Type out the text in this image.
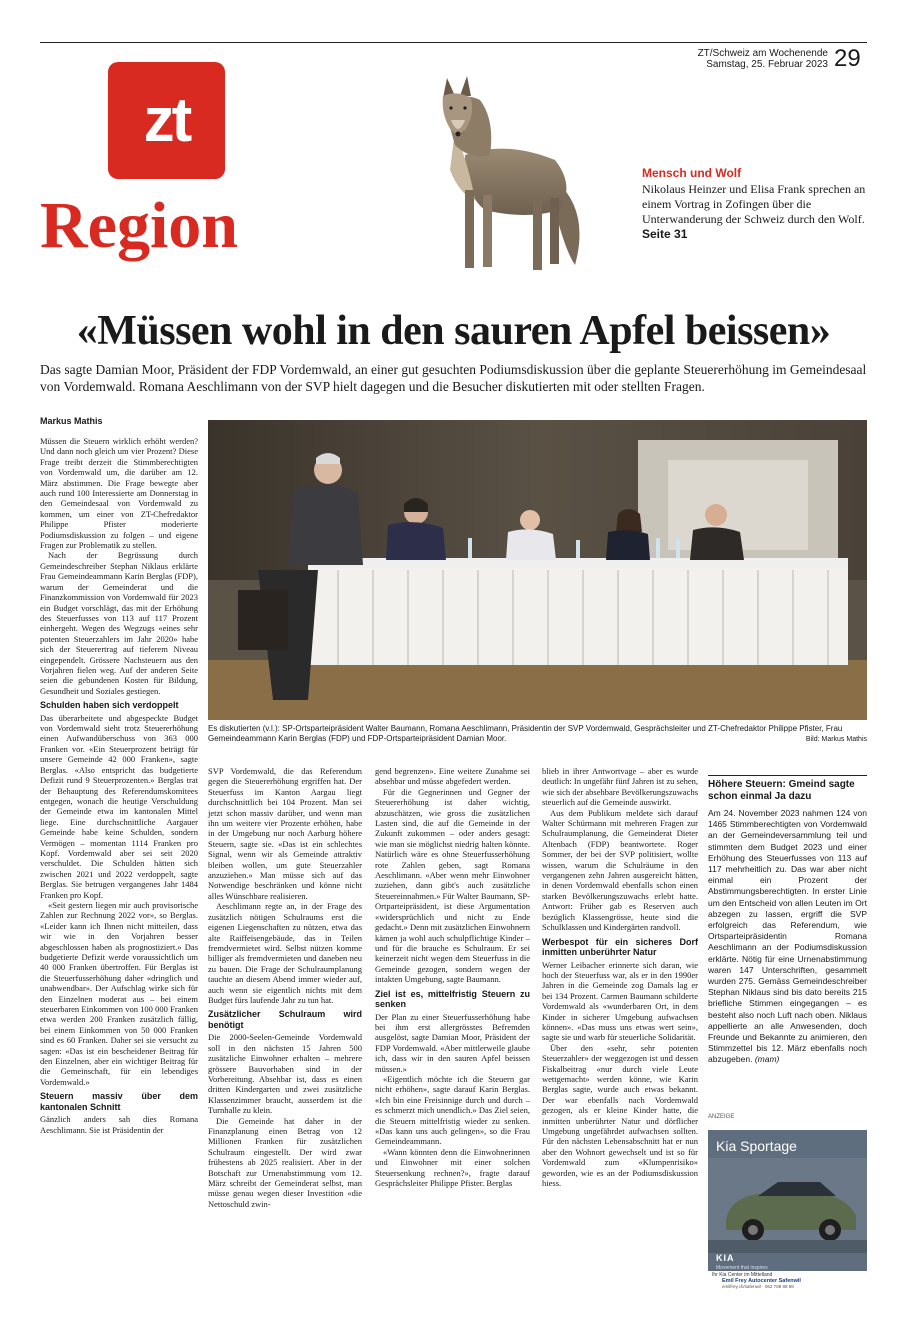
ZT/Schweiz am Wochenende
Samstag, 25. Februar 2023 29
zt
Region
Mensch und Wolf
Nikolaus Heinzer und Elisa Frank sprechen an einem Vortrag in Zofingen über die Unterwanderung der Schweiz durch den Wolf. Seite 31
«Müssen wohl in den sauren Apfel beissen»
Das sagte Damian Moor, Präsident der FDP Vordemwald, an einer gut gesuchten Podiumsdiskussion über die geplante Steuererhöhung im Gemeindesaal von Vordemwald. Romana Aeschlimann von der SVP hielt dagegen und die Besucher diskutierten mit oder stellten Fragen.
Markus Mathis

Müssen die Steuern wirklich erhöht werden? Und dann noch gleich um vier Prozent? Diese Frage treibt derzeit die Stimmberechtigten von Vordemwald um, die darüber am 12. März abstimmen. Die Frage bewegte aber auch rund 100 Interessierte am Donnerstag in den Gemeindesaal von Vordemwald zu kommen, um einer von ZT-Chefredaktor Philippe Pfister moderierte Podiumsdiskussion zu folgen – und eigene Fragen zur Problematik zu stellen.

Nach der Begrüssung durch Gemeindeschreiber Stephan Niklaus erklärte Frau Gemeindeammann Karin Berglas (FDP), warum der Gemeinderat und die Finanzkommission von Vordemwald für 2023 ein Budget vorschlägt, das mit der Erhöhung des Steuerfusses von 113 auf 117 Prozent einhergeht. Wegen des Wegzugs «eines sehr potenten Steuerzahlers im Jahr 2020» habe sich der Steuerertrag auf tieferem Niveau eingependelt. Grössere Nachsteuern aus den Vorjahren fielen weg. Auf der anderen Seite seien die gebundenen Kosten für Bildung, Gesundheit und Soziales gestiegen.

Schulden haben sich verdoppelt

Das überarbeitete und abgespeckte Budget von Vordemwald sieht trotz Steuererhöhung einen Aufwandüberschuss von 363 000 Franken vor. «Ein Steuerprozent beträgt für unsere Gemeinde 42 000 Franken», sagte Berglas. «Also entspricht das budgetierte Defizit rund 9 Steuerprozenten.» Berglas trat der Behauptung des Referendumskomitees entgegen, wonach die heutige Verschuldung der Gemeinde etwa im kantonalen Mittel liege. Eine durchschnittliche Aargauer Gemeinde habe keine Schulden, sondern Vermögen – momentan 1114 Franken pro Kopf. Vordemwald aber sei seit 2020 verschuldet. Die Schulden hätten sich zwischen 2021 und 2022 verdoppelt, sagte Berglas. Sie betrugen vergangenes Jahr 1484 Franken pro Kopf.

«Seit gestern liegen mir auch provisorische Zahlen zur Rechnung 2022 vor», so Berglas. «Leider kann ich Ihnen nicht mitteilen, dass wir wie in den Vorjahren besser abgeschlossen haben als prognostiziert.» Das budgetierte Defizit werde voraussichtlich um 40 000 Franken übertroffen. Für Berglas ist die Steuerfusserhöhung daher «dringlich und unabwendbar». Der Aufschlag wirke sich für den Einzelnen moderat aus – bei einem steuerbaren Einkommen von 100 000 Franken etwa werden 200 Franken zusätzlich fällig, bei einem Einkommen von 50 000 Franken sind es 60 Franken. Daher sei sie versucht zu sagen: «Das ist ein bescheidener Beitrag für den Einzelnen, aber ein wichtiger Beitrag für die Gemeinschaft, für ein lebendiges Vordemwald.»

Steuern massiv über dem kantonalen Schnitt

Gänzlich anders sah dies Romana Aeschlimann. Sie ist Präsidentin der

Es diskutierten (v.l.): SP-Ortsparteipräsident Walter Baumann, Romana Aeschlimann, Präsidentin der SVP Vordemwald, Gesprächsleiter und ZT-Chefredaktor Philippe Pfister, Frau Gemeindeammann Karin Berglas (FDP) und FDP-Ortsparteipräsident Damian Moor.	Bild: Markus Mathis

SVP Vordemwald, die das Referendum gegen die Steuererhöhung ergriffen hat. Der Steuerfuss im Kanton Aargau liegt durchschnittlich bei 104 Prozent. Man sei jetzt schon massiv darüber, und wenn man ihn um weitere vier Prozente erhöhen, habe in der Umgebung nur noch Aarburg höhere Steuern, sagte sie. «Das ist ein schlechtes Signal, wenn wir als Gemeinde attraktiv bleiben wollen, um gute Steuerzahler anzuziehen.» Man müsse sich auf das Notwendige beschränken und könne nicht alles Wünschbare realisieren.

Aeschlimann regte an, in der Frage des zusätzlich nötigen Schulraums erst die eigenen Liegenschaften zu nützen, etwa das alte Raiffeisengebäude, das in Teilen fremdvermietet wird. Selbst nützen komme billiger als fremdvermieten und daneben neu zu bauen. Die Frage der Schulraumplanung tauchte an diesem Abend immer wieder auf, auch wenn sie eigentlich nichts mit dem Budget fürs laufende Jahr zu tun hat.

Zusätzlicher Schulraum wird benötigt

Die 2000-Seelen-Gemeinde Vordemwald soll in den nächsten 15 Jahren 500 zusätzliche Einwohner erhalten – mehrere grössere Bauvorhaben sind in der Vorbereitung. Absehbar ist, dass es einen dritten Kindergarten und zwei zusätzliche Klassenzimmer braucht, ausserdem ist die Turnhalle zu klein.

Die Gemeinde hat daher in der Finanzplanung einen Betrag von 12 Millionen Franken für zusätzlichen Schulraum eingestellt. Der wird zwar frühestens ab 2025 realisiert. Aber in der Botschaft zur Urnenabstimmung vom 12. März schreibt der Gemeinderat selbst, man müsse genau wegen dieser Investition «die Nettoschuld zwin-

gend begrenzen». Eine weitere Zunahme sei absehbar und müsse abgefedert werden.

Für die Gegnerinnen und Gegner der Steuererhöhung ist daher wichtig, abzuschätzen, wie gross die zusätzlichen Lasten sind, die auf die Gemeinde in der Zukunft zukommen – oder anders gesagt: wie man sie möglichst niedrig halten könnte. Natürlich wäre es ohne Steuerfusserhöhung rote Zahlen geben, sagt Romana Aeschlimann. «Aber wenn mehr Einwohner zuziehen, dann gibt's auch zusätzliche Steuereinnahmen.» Für Walter Baumann, SP-Ortparteipräsident, ist diese Argumentation «widersprüchlich und nicht zu Ende gedacht.» Denn mit zusätzlichen Einwohnern kämen ja wohl auch schulpflichtige Kinder – und für die brauche es Schulraum. Er sei keinerzeit nicht wegen dem Steuerfuss in die Gemeinde gezogen, sondern wegen der intakten Umgebung, sagte Baumann.

Ziel ist es, mittelfristig Steuern zu senken

Der Plan zu einer Steuerfusserhöhung habe bei ihm erst allergrösstes Befremden ausgelöst, sagte Damian Moor, Präsident der FDP Vordemwald. «Aber mittlerweile glaube ich, dass wir in den sauren Apfel beissen müssen.»

«Eigentlich möchte ich die Steuern gar nicht erhöhen», sagte darauf Karin Berglas. «Ich bin eine Freisinnige durch und durch – es schmerzt mich unendlich.» Das Ziel seien, die Steuern mittelfristig wieder zu senken. «Das kann uns auch gelingen», so die Frau Gemeindeammann.

«Wann könnten denn die Einwohnerinnen und Einwohner mit einer solchen Steuersenkung rechnen?», fragte darauf Gesprächsleiter Philippe Pfister. Berglas

blieb in ihrer Antwortvage – aber es wurde deutlich: In ungefähr fünf Jahren ist zu sehen, wie sich der absehbare Bevölkerungszuwachs steuerlich auf die Gemeinde auswirkt.

Aus dem Publikum meldete sich darauf Walter Schürmann mit mehreren Fragen zur Schulraumplanung, die Gemeinderat Dieter Altenbach (FDP) beantwortete. Roger Sommer, der bei der SVP politisiert, wollte wissen, warum die Schulräume in den vergangenen zehn Jahren ausgereicht hätten, in denen Vordemwald ebenfalls schon einen starken Bevölkerungszuwachs erlebt hatte. Antwort: Früher gab es Reserven auch bezüglich Klassengrösse, heute sind die Schulklassen und Kindergärten randvoll.

Werbespot für ein sicheres Dorf inmitten unberührter Natur

Werner Leibacher erinnerte sich daran, wie hoch der Steuerfuss war, als er in den 1990er Jahren in die Gemeinde zog Damals lag er bei 134 Prozent. Carmen Baumann schilderte Vordemwald als «wunderbaren Ort, in dem Kinder in sicherer Umgebung aufwachsen können». «Das muss uns etwas wert sein», sagte sie und warb für steuerliche Solidarität.

Über den «sehr, sehr potenten Steuerzahler» der weggezogen ist und dessen Fiskalbeitrag «nur durch viele Leute wettgemacht» werden könne, wie Karin Berglas sagte, wurde auch etwas bekannt. Der war ebenfalls nach Vordemwald gezogen, als er kleine Kinder hatte, die inmitten unberührter Natur und dörflicher Umgebung ungefährdet aufwachsen sollten. Für den nächsten Lebensabschnitt hat er nun aber den Wohnort gewechselt und ist so für Vordemwald zum «Klumpenrisiko» geworden, wie es an der Podiumsdiskussion hiess.

Höhere Steuern: Gmeind sagte schon einmal Ja dazu
Am 24. November 2023 nahmen 124 von 1465 Stimmberechtigten von Vordemwald an der Gemeindeversammlung teil und stimmten dem Budget 2023 und einer Erhöhung des Steuerfusses von 113 auf 117 mehrheitlich zu. Das war aber nicht einmal ein Prozent der Abstimmungsberechtigten. In erster Linie um den Entscheid von allen Leuten im Ort abzegen zu lassen, ergriff die SVP erfolgreich das Referendum, wie Ortsparteipräsidentin Romana Aeschlimann an der Podiumsdiskussion erklärte. Nötig für eine Urnenabstimmung waren 147 Unterschriften, gesammelt wurden 275. Gemäss Gemeindeschreiber Stephan Niklaus sind bis dato bereits 215 briefliche Stimmen eingegangen – es besteht also noch Luft nach oben. Niklaus appellierte an alle Anwesenden, doch Freunde und Bekannte zu animieren, den Stimmzettel bis 12. März ebenfalls noch abzugeben. (mam)
ANZEIGE
Kia Sportage
KIA
Movement that inspires
Ihr Kia Center im Mittelland
Emil Frey Autocenter Safenwil
emilfrey.ch/safenwil · 062 788 88 88
